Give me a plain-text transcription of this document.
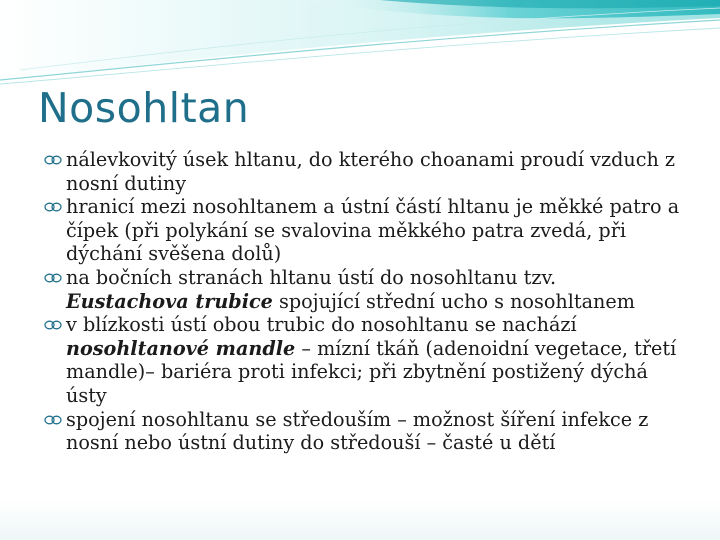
Nosohltan
nálevkovitý úsek hltanu, do kterého choanami proudí vzduch z nosní dutiny
hranicí mezi nosohltanem a ústní částí hltanu je měkké patro a čípek (při polykání se svalovina měkkého patra zvedá, při dýchání svěšena dolů)
na bočních stranách hltanu ústí do nosohltanu tzv. Eustachova trubice spojující střední ucho s nosohltanem
v blízkosti ústí obou trubic do nosohltanu se nachází nosohltanové mandle – mízní tkáň (adenoidní vegetace, třetí mandle)– bariéra proti infekci; při zbytnění postižený dýchá ústy
spojení nosohltanu se středouším – možnost šíření infekce z nosní nebo ústní dutiny do středouší – časté u dětí
